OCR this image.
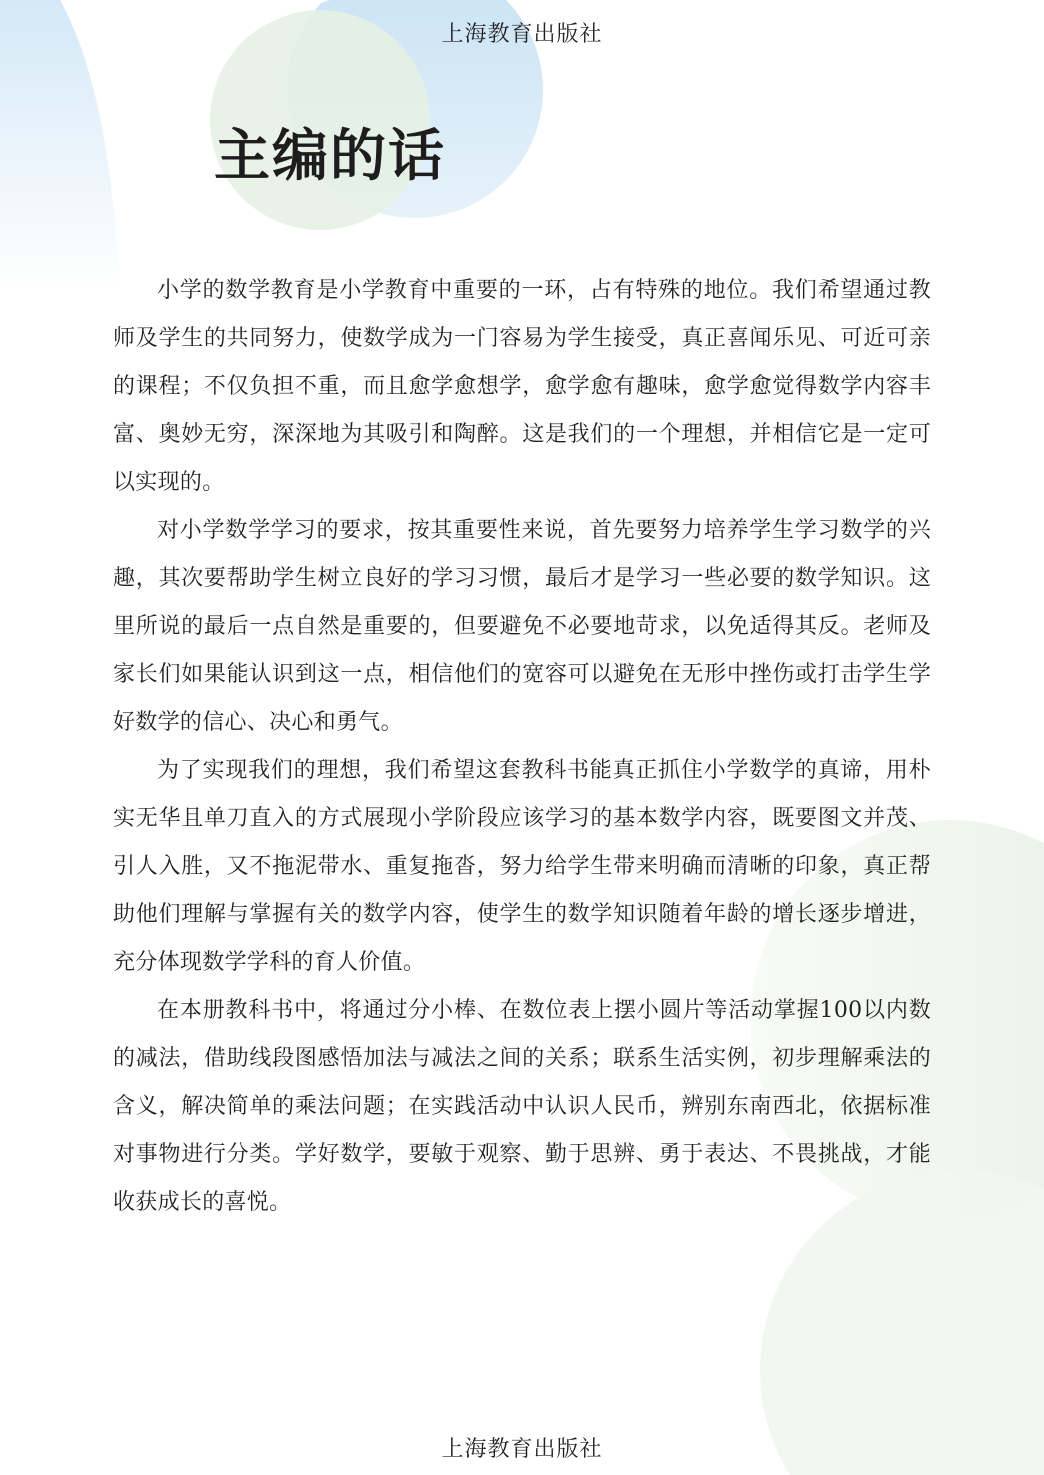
上海教育出版社
主编的话

小学的数学教育是小学教育中重要的一环，占有特殊的地位。我们希望通过教师及学生的共同努力，使数学成为一门容易为学生接受，真正喜闻乐见、可近可亲的课程；不仅负担不重，而且愈学愈想学，愈学愈有趣味，愈学愈觉得数学内容丰富、奥妙无穷，深深地为其吸引和陶醉。这是我们的一个理想，并相信它是一定可以实现的。

对小学数学学习的要求，按其重要性来说，首先要努力培养学生学习数学的兴趣，其次要帮助学生树立良好的学习习惯，最后才是学习一些必要的数学知识。这里所说的最后一点自然是重要的，但要避免不必要地苛求，以免适得其反。老师及家长们如果能认识到这一点，相信他们的宽容可以避免在无形中挫伤或打击学生学好数学的信心、决心和勇气。

为了实现我们的理想，我们希望这套教科书能真正抓住小学数学的真谛，用朴实无华且单刀直入的方式展现小学阶段应该学习的基本数学内容，既要图文并茂、引人入胜，又不拖泥带水、重复拖沓，努力给学生带来明确而清晰的印象，真正帮助他们理解与掌握有关的数学内容，使学生的数学知识随着年龄的增长逐步增进，充分体现数学学科的育人价值。

在本册教科书中，将通过分小棒、在数位表上摆小圆片等活动掌握100以内数的减法，借助线段图感悟加法与减法之间的关系；联系生活实例，初步理解乘法的含义，解决简单的乘法问题；在实践活动中认识人民币，辨别东南西北，依据标准对事物进行分类。学好数学，要敏于观察、勤于思辨、勇于表达、不畏挑战，才能收获成长的喜悦。

上海教育出版社
